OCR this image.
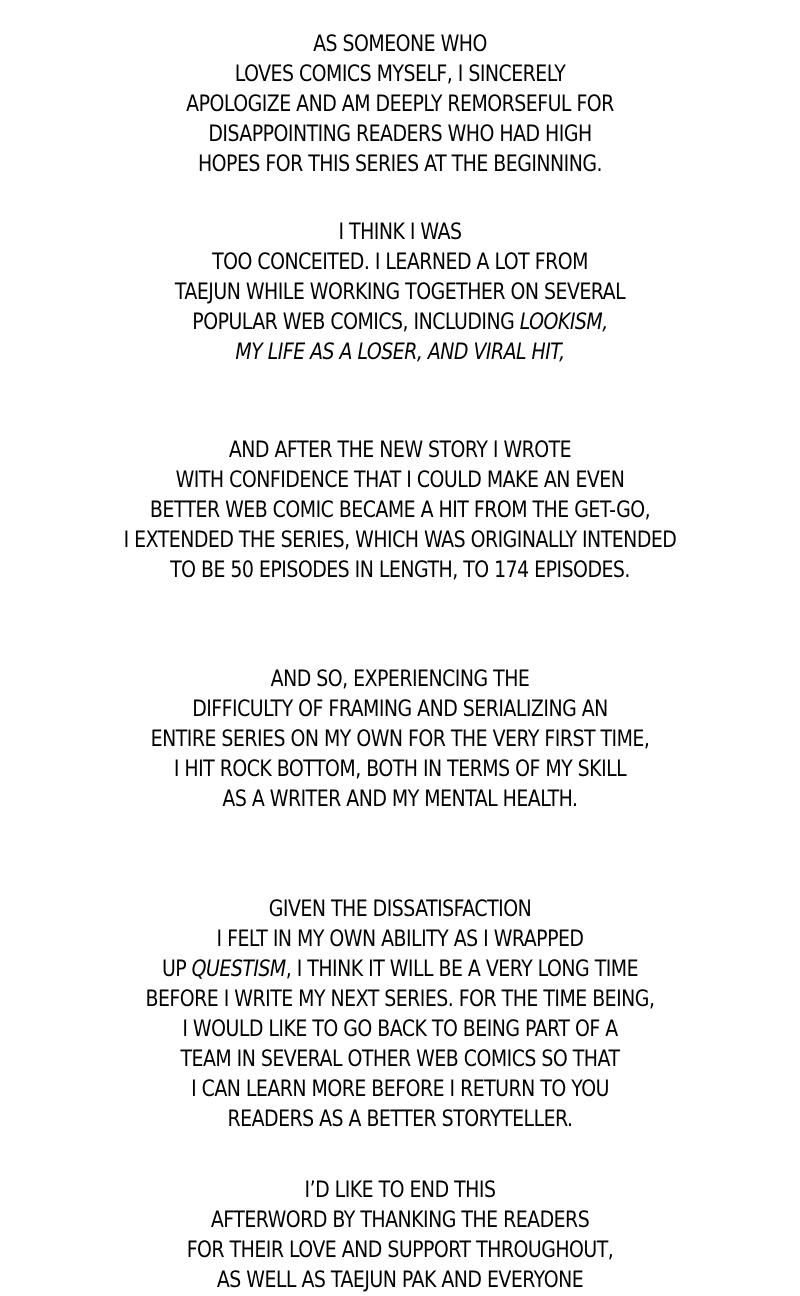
AS SOMEONE WHO
LOVES COMICS MYSELF, I SINCERELY
APOLOGIZE AND AM DEEPLY REMORSEFUL FOR
DISAPPOINTING READERS WHO HAD HIGH
HOPES FOR THIS SERIES AT THE BEGINNING.
I THINK I WAS
TOO CONCEITED. I LEARNED A LOT FROM
TAEJUN WHILE WORKING TOGETHER ON SEVERAL
POPULAR WEB COMICS, INCLUDING LOOKISM,
MY LIFE AS A LOSER, AND VIRAL HIT,
AND AFTER THE NEW STORY I WROTE
WITH CONFIDENCE THAT I COULD MAKE AN EVEN
BETTER WEB COMIC BECAME A HIT FROM THE GET-GO,
I EXTENDED THE SERIES, WHICH WAS ORIGINALLY INTENDED
TO BE 50 EPISODES IN LENGTH, TO 174 EPISODES.
AND SO, EXPERIENCING THE
DIFFICULTY OF FRAMING AND SERIALIZING AN
ENTIRE SERIES ON MY OWN FOR THE VERY FIRST TIME,
I HIT ROCK BOTTOM, BOTH IN TERMS OF MY SKILL
AS A WRITER AND MY MENTAL HEALTH.
GIVEN THE DISSATISFACTION
I FELT IN MY OWN ABILITY AS I WRAPPED
UP QUESTISM, I THINK IT WILL BE A VERY LONG TIME
BEFORE I WRITE MY NEXT SERIES. FOR THE TIME BEING,
I WOULD LIKE TO GO BACK TO BEING PART OF A
TEAM IN SEVERAL OTHER WEB COMICS SO THAT
I CAN LEARN MORE BEFORE I RETURN TO YOU
READERS AS A BETTER STORYTELLER.
I’D LIKE TO END THIS
AFTERWORD BY THANKING THE READERS
FOR THEIR LOVE AND SUPPORT THROUGHOUT,
AS WELL AS TAEJUN PAK AND EVERYONE
